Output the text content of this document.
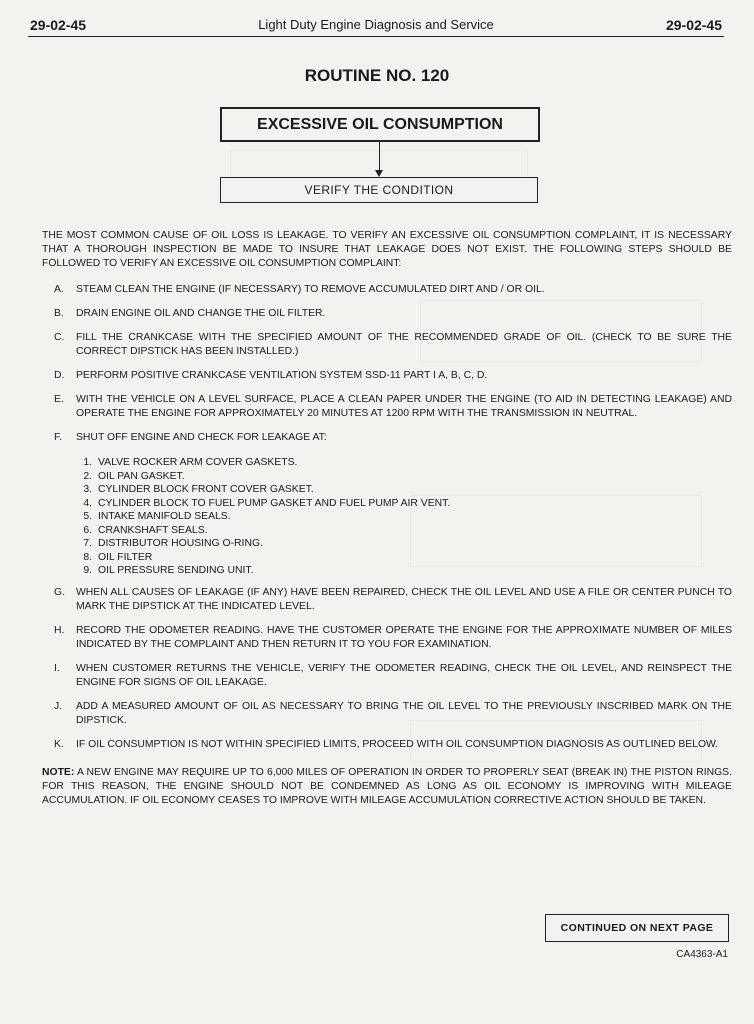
29-02-45	Light Duty Engine Diagnosis and Service	29-02-45
ROUTINE NO. 120
EXCESSIVE OIL CONSUMPTION
VERIFY THE CONDITION

THE MOST COMMON CAUSE OF OIL LOSS IS LEAKAGE. TO VERIFY AN EXCESSIVE OIL CONSUMPTION COMPLAINT, IT IS NECESSARY THAT A THOROUGH INSPECTION BE MADE TO INSURE THAT LEAKAGE DOES NOT EXIST. THE FOLLOWING STEPS SHOULD BE FOLLOWED TO VERIFY AN EXCESSIVE OIL CONSUMPTION COMPLAINT:

A.	STEAM CLEAN THE ENGINE (IF NECESSARY) TO REMOVE ACCUMULATED DIRT AND / OR OIL.
B.	DRAIN ENGINE OIL AND CHANGE THE OIL FILTER.
C.	FILL THE CRANKCASE WITH THE SPECIFIED AMOUNT OF THE RECOMMENDED GRADE OF OIL. (CHECK TO BE SURE THE CORRECT DIPSTICK HAS BEEN INSTALLED.)
D.	PERFORM POSITIVE CRANKCASE VENTILATION SYSTEM SSD-11 PART I A, B, C, D.
E.	WITH THE VEHICLE ON A LEVEL SURFACE, PLACE A CLEAN PAPER UNDER THE ENGINE (TO AID IN DETECTING LEAKAGE) AND OPERATE THE ENGINE FOR APPROXIMATELY 20 MINUTES AT 1200 RPM WITH THE TRANSMISSION IN NEUTRAL.
F.	SHUT OFF ENGINE AND CHECK FOR LEAKAGE AT:
1. VALVE ROCKER ARM COVER GASKETS.
2. OIL PAN GASKET.
3. CYLINDER BLOCK FRONT COVER GASKET.
4. CYLINDER BLOCK TO FUEL PUMP GASKET AND FUEL PUMP AIR VENT.
5. INTAKE MANIFOLD SEALS.
6. CRANKSHAFT SEALS.
7. DISTRIBUTOR HOUSING O-RING.
8. OIL FILTER
9. OIL PRESSURE SENDING UNIT.
G.	WHEN ALL CAUSES OF LEAKAGE (IF ANY) HAVE BEEN REPAIRED, CHECK THE OIL LEVEL AND USE A FILE OR CENTER PUNCH TO MARK THE DIPSTICK AT THE INDICATED LEVEL.
H.	RECORD THE ODOMETER READING. HAVE THE CUSTOMER OPERATE THE ENGINE FOR THE APPROXIMATE NUMBER OF MILES INDICATED BY THE COMPLAINT AND THEN RETURN IT TO YOU FOR EXAMINATION.
I.	WHEN CUSTOMER RETURNS THE VEHICLE, VERIFY THE ODOMETER READING, CHECK THE OIL LEVEL, AND REINSPECT THE ENGINE FOR SIGNS OF OIL LEAKAGE.
J.	ADD A MEASURED AMOUNT OF OIL AS NECESSARY TO BRING THE OIL LEVEL TO THE PREVIOUSLY INSCRIBED MARK ON THE DIPSTICK.
K.	IF OIL CONSUMPTION IS NOT WITHIN SPECIFIED LIMITS, PROCEED WITH OIL CONSUMPTION DIAGNOSIS AS OUTLINED BELOW.

NOTE: A NEW ENGINE MAY REQUIRE UP TO 6,000 MILES OF OPERATION IN ORDER TO PROPERLY SEAT (BREAK IN) THE PISTON RINGS. FOR THIS REASON, THE ENGINE SHOULD NOT BE CONDEMNED AS LONG AS OIL ECONOMY IS IMPROVING WITH MILEAGE ACCUMULATION. IF OIL ECONOMY CEASES TO IMPROVE WITH MILEAGE ACCUMULATION CORRECTIVE ACTION SHOULD BE TAKEN.

CONTINUED ON NEXT PAGE
CA4363-A1
